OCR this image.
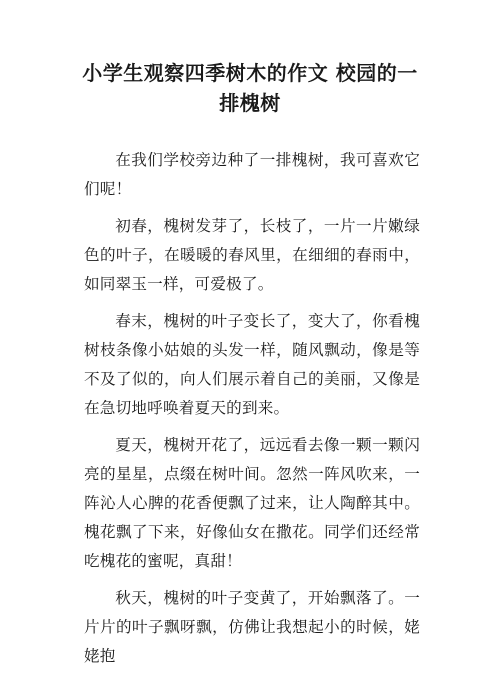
小学生观察四季树木的作文 校园的一
排槐树

在我们学校旁边种了一排槐树，我可喜欢它们呢！

初春，槐树发芽了，长枝了，一片一片嫩绿色的叶子，在暖暖的春风里，在细细的春雨中，如同翠玉一样，可爱极了。

春末，槐树的叶子变长了，变大了，你看槐树枝条像小姑娘的头发一样，随风飘动，像是等不及了似的，向人们展示着自己的美丽，又像是在急切地呼唤着夏天的到来。

夏天，槐树开花了，远远看去像一颗一颗闪亮的星星，点缀在树叶间。忽然一阵风吹来，一阵沁人心脾的花香便飘了过来，让人陶醉其中。槐花飘了下来，好像仙女在撒花。同学们还经常吃槐花的蜜呢，真甜！

秋天，槐树的叶子变黄了，开始飘落了。一片片的叶子飘呀飘，仿佛让我想起小的时候，姥姥抱
